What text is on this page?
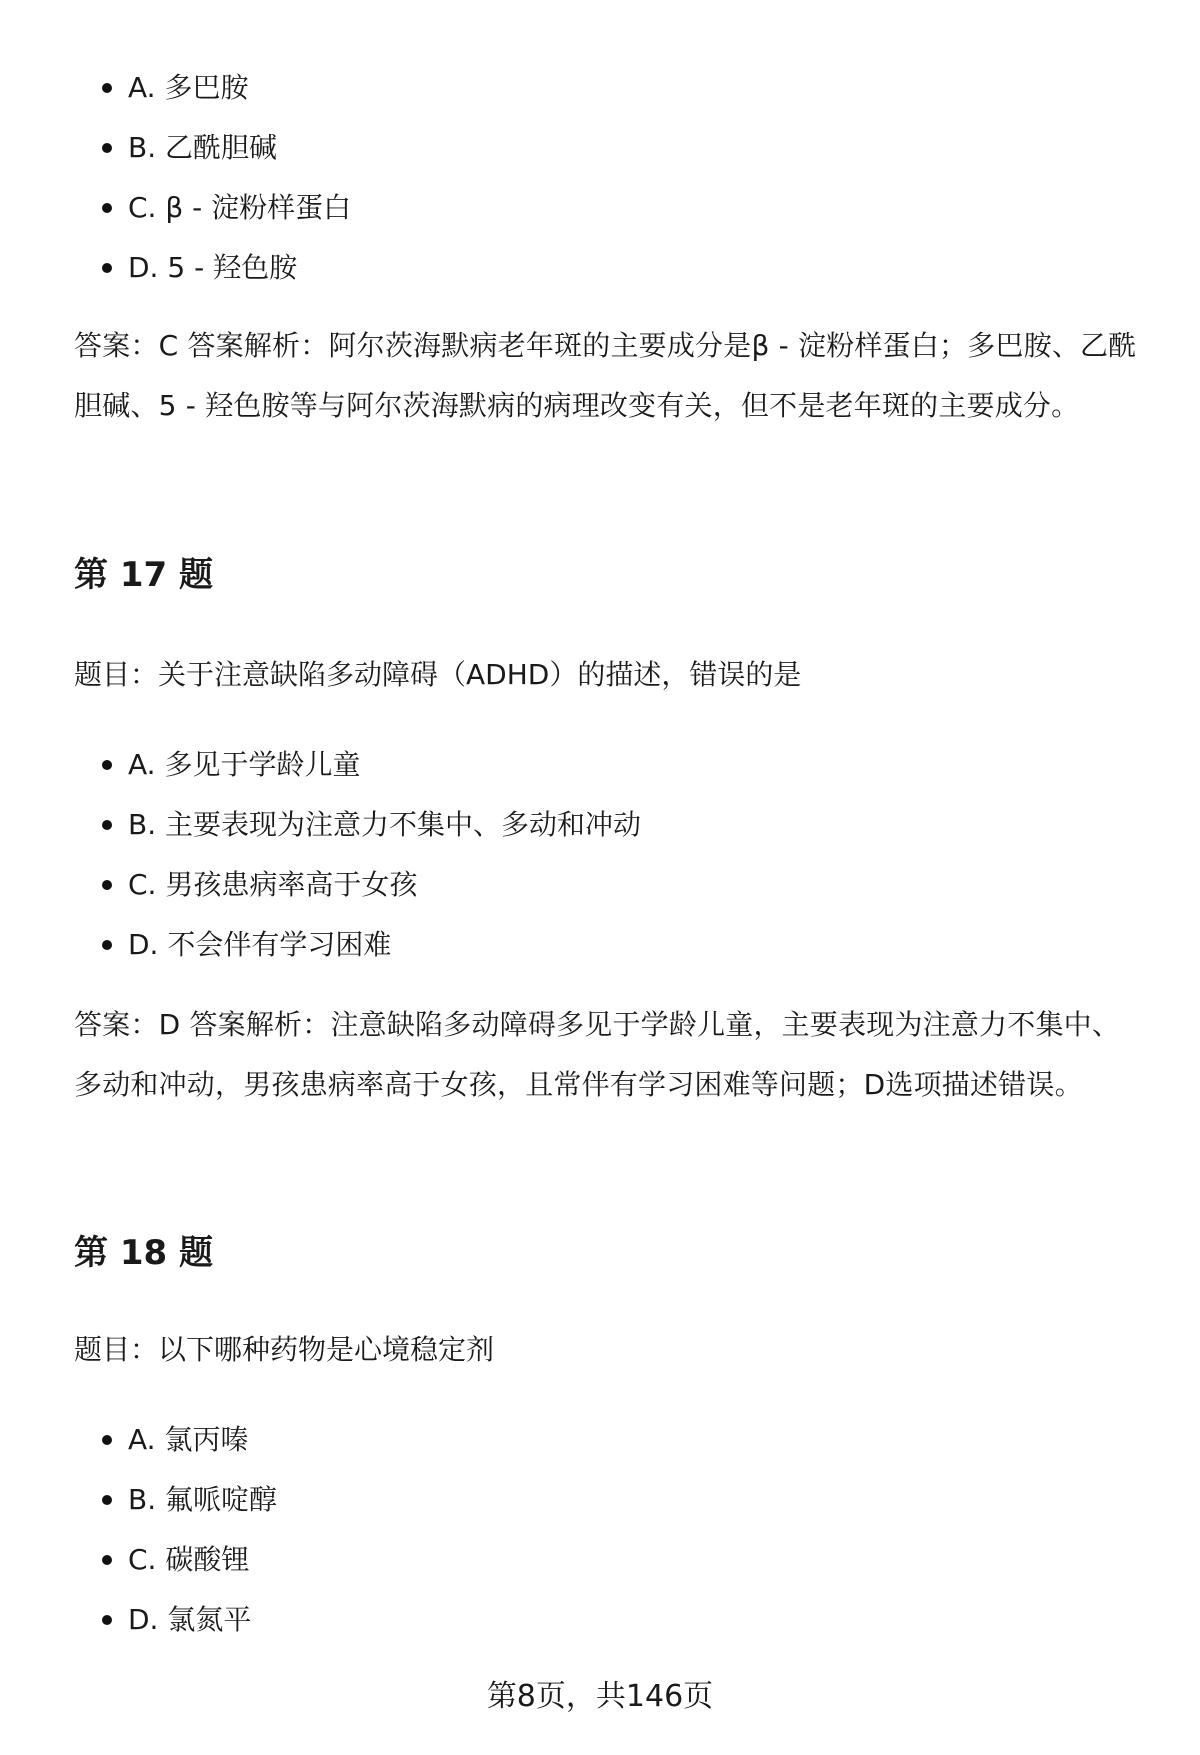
A. 多巴胺
B. 乙酰胆碱
C. β - 淀粉样蛋白
D. 5 - 羟色胺

答案：C 答案解析：阿尔茨海默病老年斑的主要成分是β - 淀粉样蛋白；多巴胺、乙酰胆碱、5 - 羟色胺等与阿尔茨海默病的病理改变有关，但不是老年斑的主要成分。

第 17 题

题目：关于注意缺陷多动障碍（ADHD）的描述，错误的是

A. 多见于学龄儿童
B. 主要表现为注意力不集中、多动和冲动
C. 男孩患病率高于女孩
D. 不会伴有学习困难

答案：D 答案解析：注意缺陷多动障碍多见于学龄儿童，主要表现为注意力不集中、多动和冲动，男孩患病率高于女孩，且常伴有学习困难等问题；D选项描述错误。

第 18 题

题目：以下哪种药物是心境稳定剂

A. 氯丙嗪
B. 氟哌啶醇
C. 碳酸锂
D. 氯氮平
第8页，共146页
